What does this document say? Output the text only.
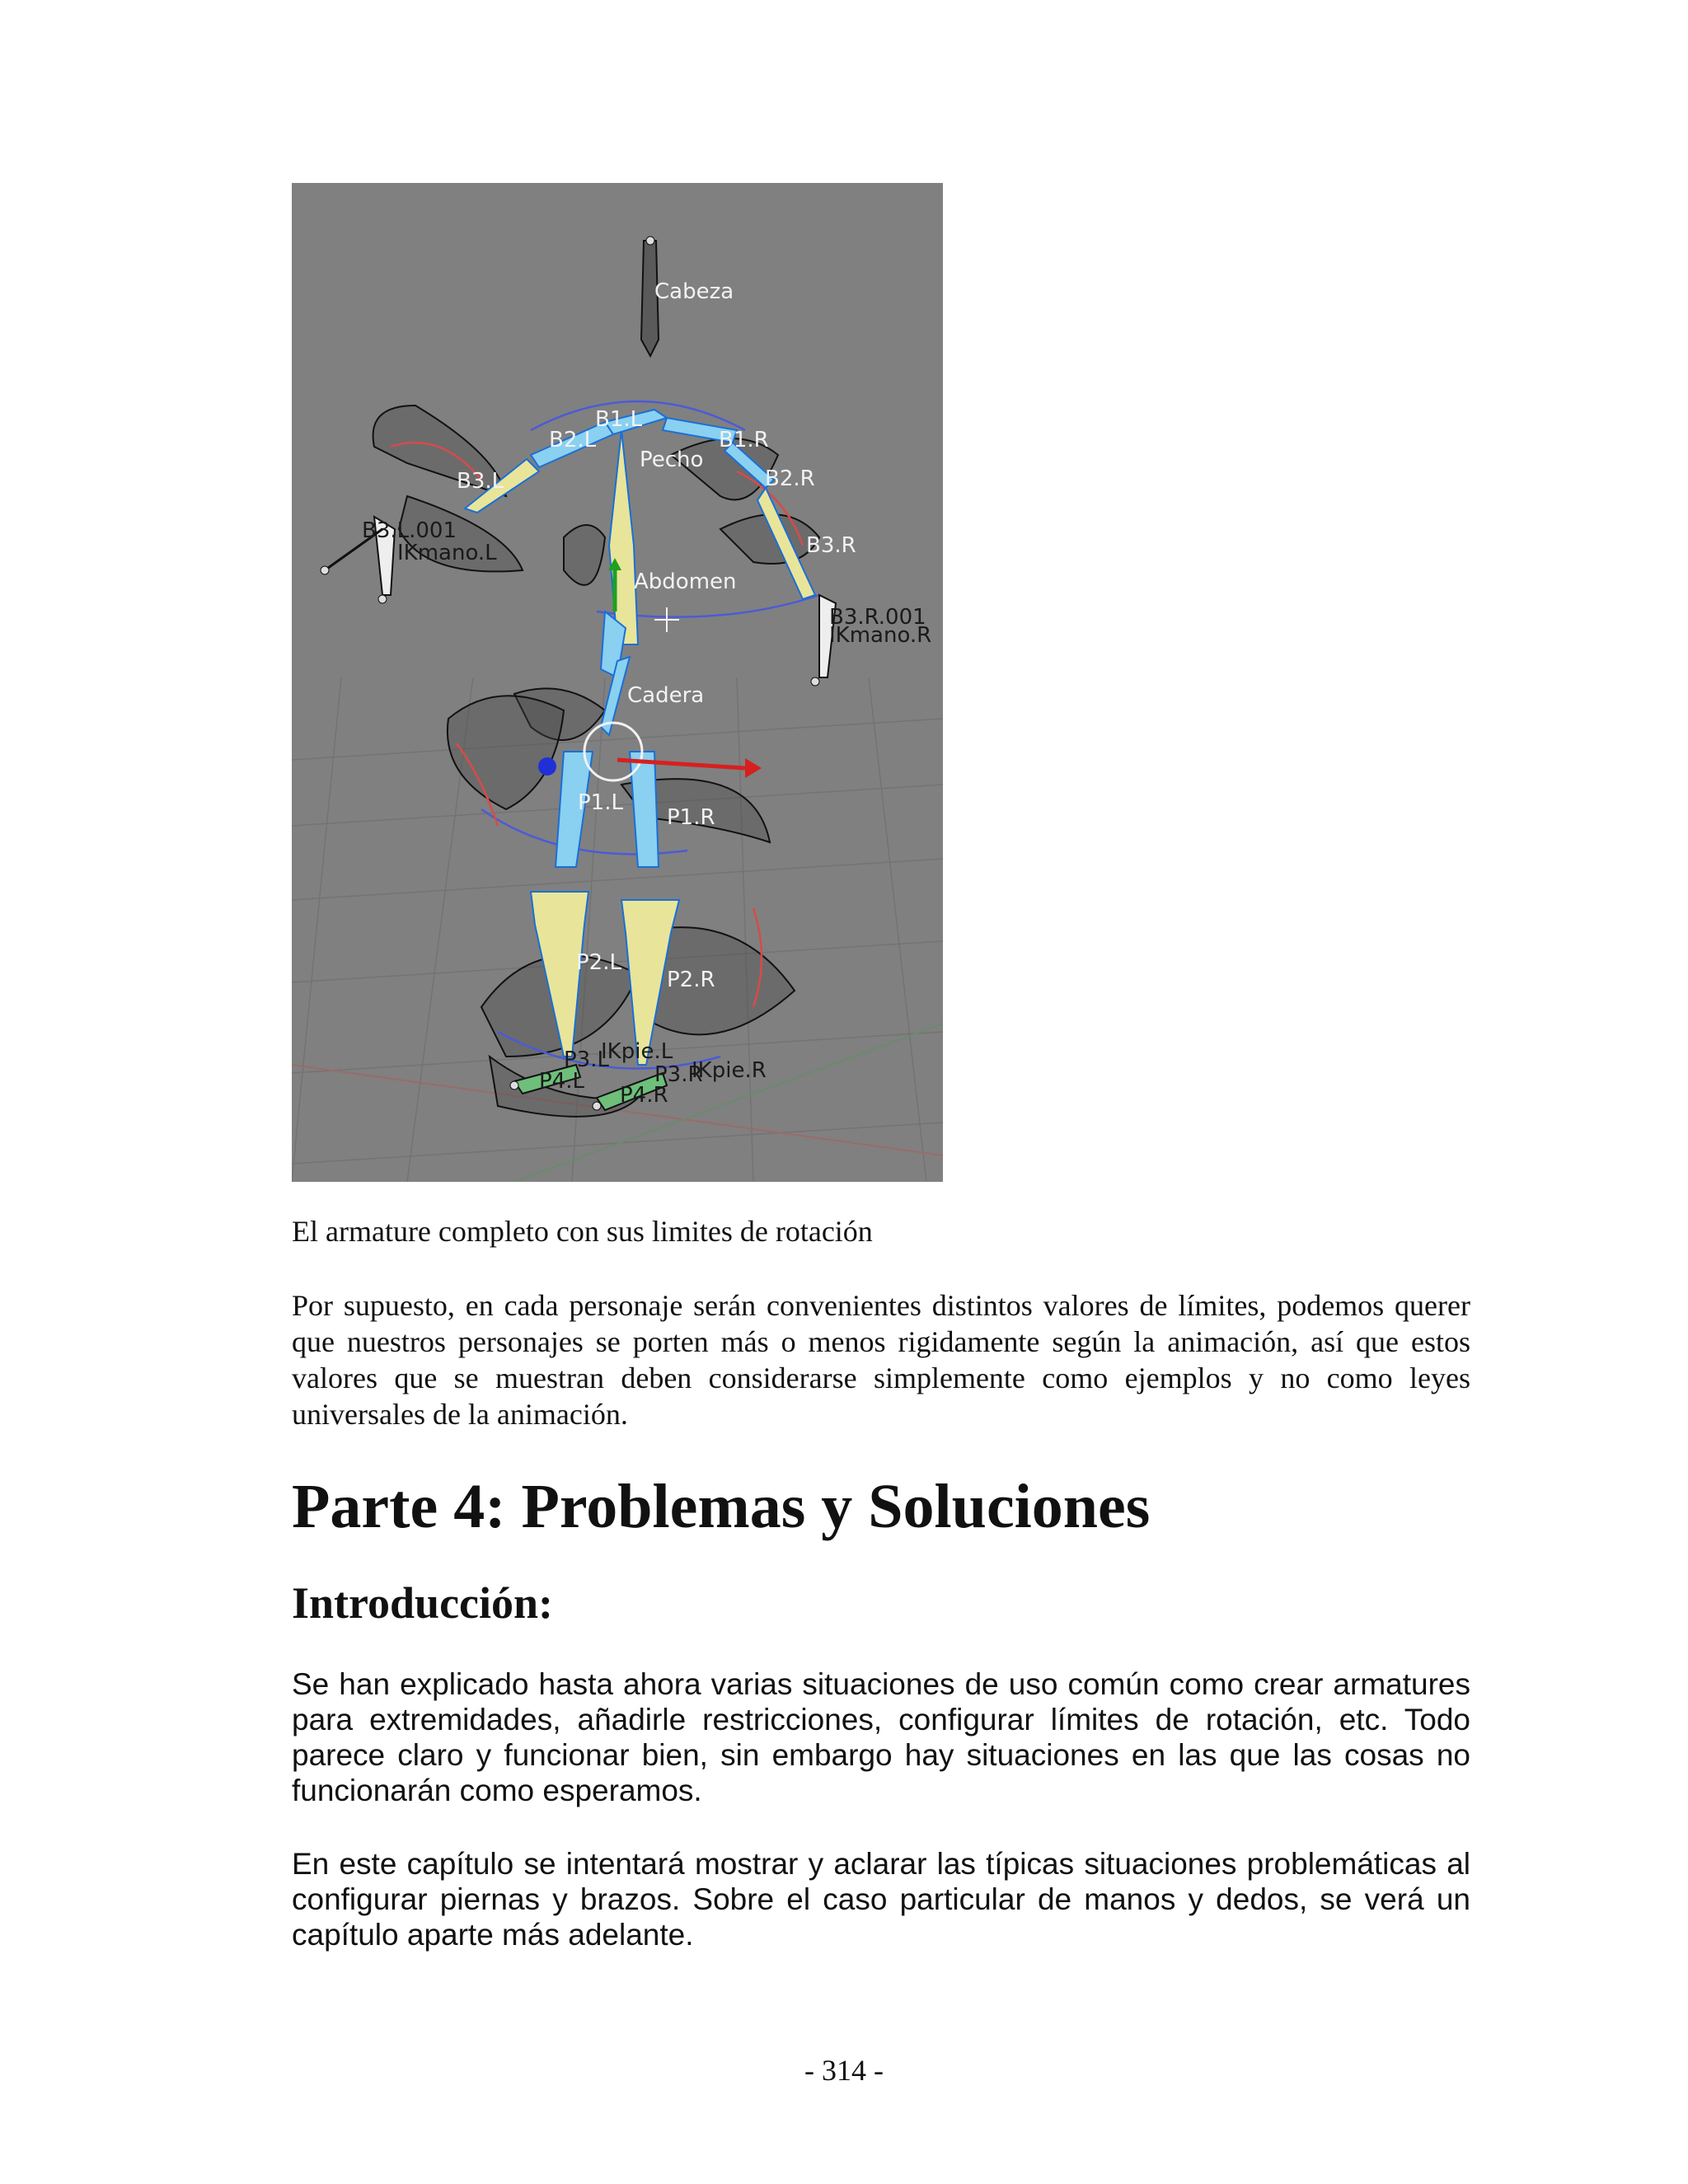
Cabeza
B1.L
B2.L
B3.L
Pecho
B1.R
B2.R
B3.R
B3.L.001
IKmano.L
Abdomen
B3.R.001
IKmano.R
Cadera
P1.L
P1.R
P2.L
P2.R
P3.L
IKpie.L
P3.R
IKpie.R
P4.L
P4.R

El armature completo con sus limites de rotación

Por supuesto, en cada personaje serán convenientes distintos valores de límites, podemos querer que nuestros personajes se porten más o menos rigidamente según la animación, así que estos valores que se muestran deben considerarse simplemente como ejemplos y no como leyes universales de la animación.

Parte 4: Problemas y Soluciones
Introducción:

Se han explicado hasta ahora varias situaciones de uso común como crear armatures para extremidades, añadirle restricciones, configurar límites de rotación, etc. Todo parece claro y funcionar bien, sin embargo hay situaciones en las que las cosas no funcionarán como esperamos.

En este capítulo se intentará mostrar y aclarar las típicas situaciones problemáticas al configurar piernas y brazos. Sobre el caso particular de manos y dedos, se verá un capítulo aparte más adelante.

- 314 -
